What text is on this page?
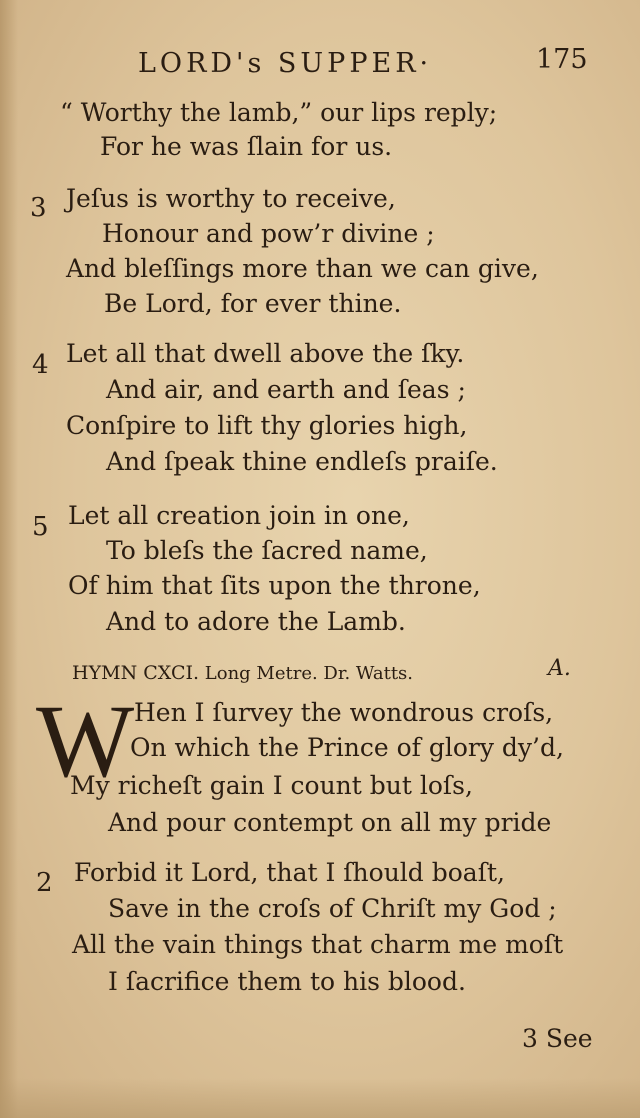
LORD's SUPPER·	175
“ Worthy the lamb,” our lips reply;
For he was ſlain for us.
3 Jeſus is worthy to receive,
Honour and pow’r divine ;
And bleſſings more than we can give,
Be Lord, for ever thine.
4 Let all that dwell above the ſky.
And air, and earth and ſeas ;
Conſpire to lift thy glories high,
And ſpeak thine endleſs praiſe.
5 Let all creation join in one,
To bleſs the ſacred name,
Of him that ſits upon the throne,
And to adore the Lamb.
HYMN CXCI. Long Metre. Dr. Watts.	A.
W Hen I ſurvey the wondrous croſs,
On which the Prince of glory dy’d,
My richeſt gain I count but loſs,
And pour contempt on all my pride
2 Forbid it Lord, that I ſhould boaſt,
Save in the croſs of Chriſt my God ;
All the vain things that charm me moſt
I ſacrifice them to his blood.
3 See
